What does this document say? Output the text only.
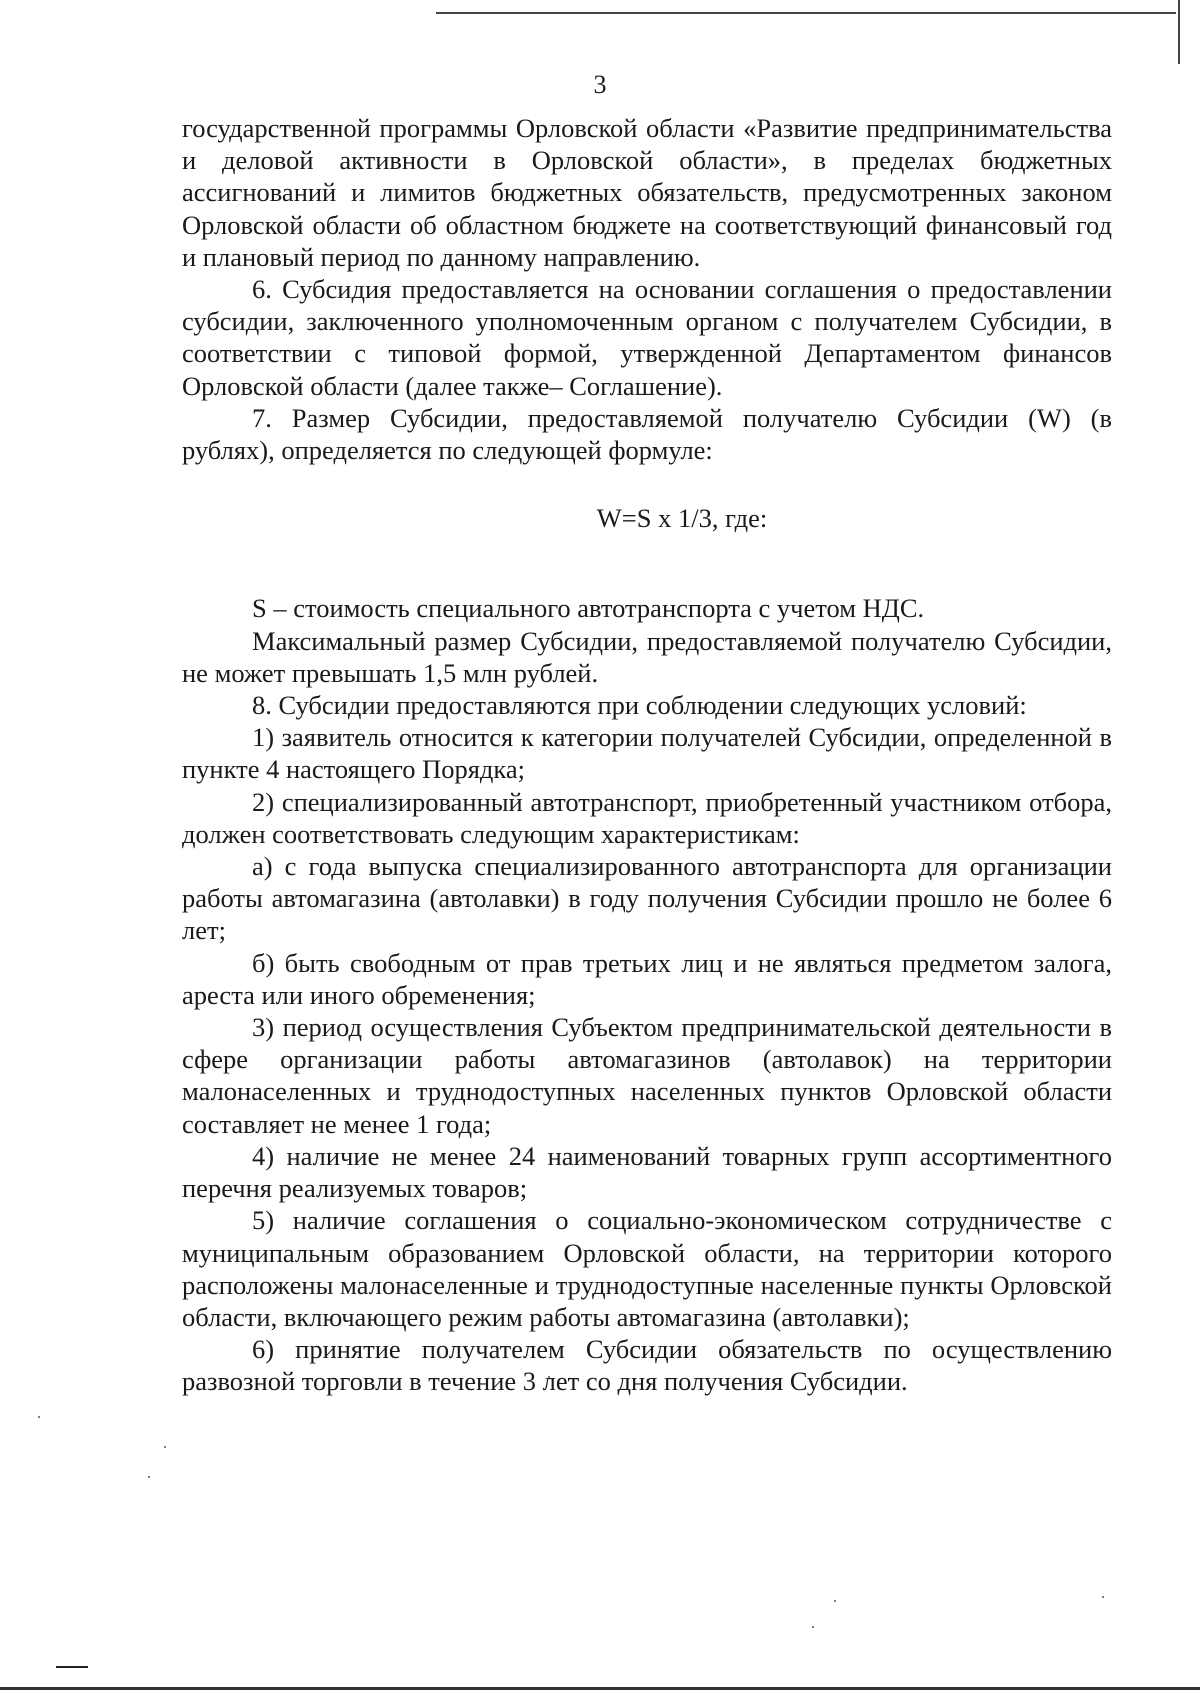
3

государственной программы Орловской области «Развитие предпринимательства и деловой активности в Орловской области», в пределах бюджетных ассигнований и лимитов бюджетных обязательств, предусмотренных законом Орловской области об областном бюджете на соответствующий финансовый год и плановый период по данному направлению.

6. Субсидия предоставляется на основании соглашения о предоставлении субсидии, заключенного уполномоченным органом с получателем Субсидии, в соответствии с типовой формой, утвержденной Департаментом финансов Орловской области (далее также– Соглашение).

7. Размер Субсидии, предоставляемой получателю Субсидии (W) (в рублях), определяется по следующей формуле:

W=S x 1/3, где:

S – стоимость специального автотранспорта с учетом НДС.

Максимальный размер Субсидии, предоставляемой получателю Субсидии, не может превышать 1,5 млн рублей.

8. Субсидии предоставляются при соблюдении следующих условий:

1) заявитель относится к категории получателей Субсидии, определенной в пункте 4 настоящего Порядка;

2) специализированный автотранспорт, приобретенный участником отбора, должен соответствовать следующим характеристикам:

а) с года выпуска специализированного автотранспорта для организации работы автомагазина (автолавки) в году получения Субсидии прошло не более 6 лет;

б) быть свободным от прав третьих лиц и не являться предметом залога, ареста или иного обременения;

3) период осуществления Субъектом предпринимательской деятельности в сфере организации работы автомагазинов (автолавок) на территории малонаселенных и труднодоступных населенных пунктов Орловской области составляет не менее 1 года;

4) наличие не менее 24 наименований товарных групп ассортиментного перечня реализуемых товаров;

5) наличие соглашения о социально-экономическом сотрудничестве с муниципальным образованием Орловской области, на территории которого расположены малонаселенные и труднодоступные населенные пункты Орловской области, включающего режим работы автомагазина (автолавки);

6) принятие получателем Субсидии обязательств по осуществлению развозной торговли в течение 3 лет со дня получения Субсидии.
